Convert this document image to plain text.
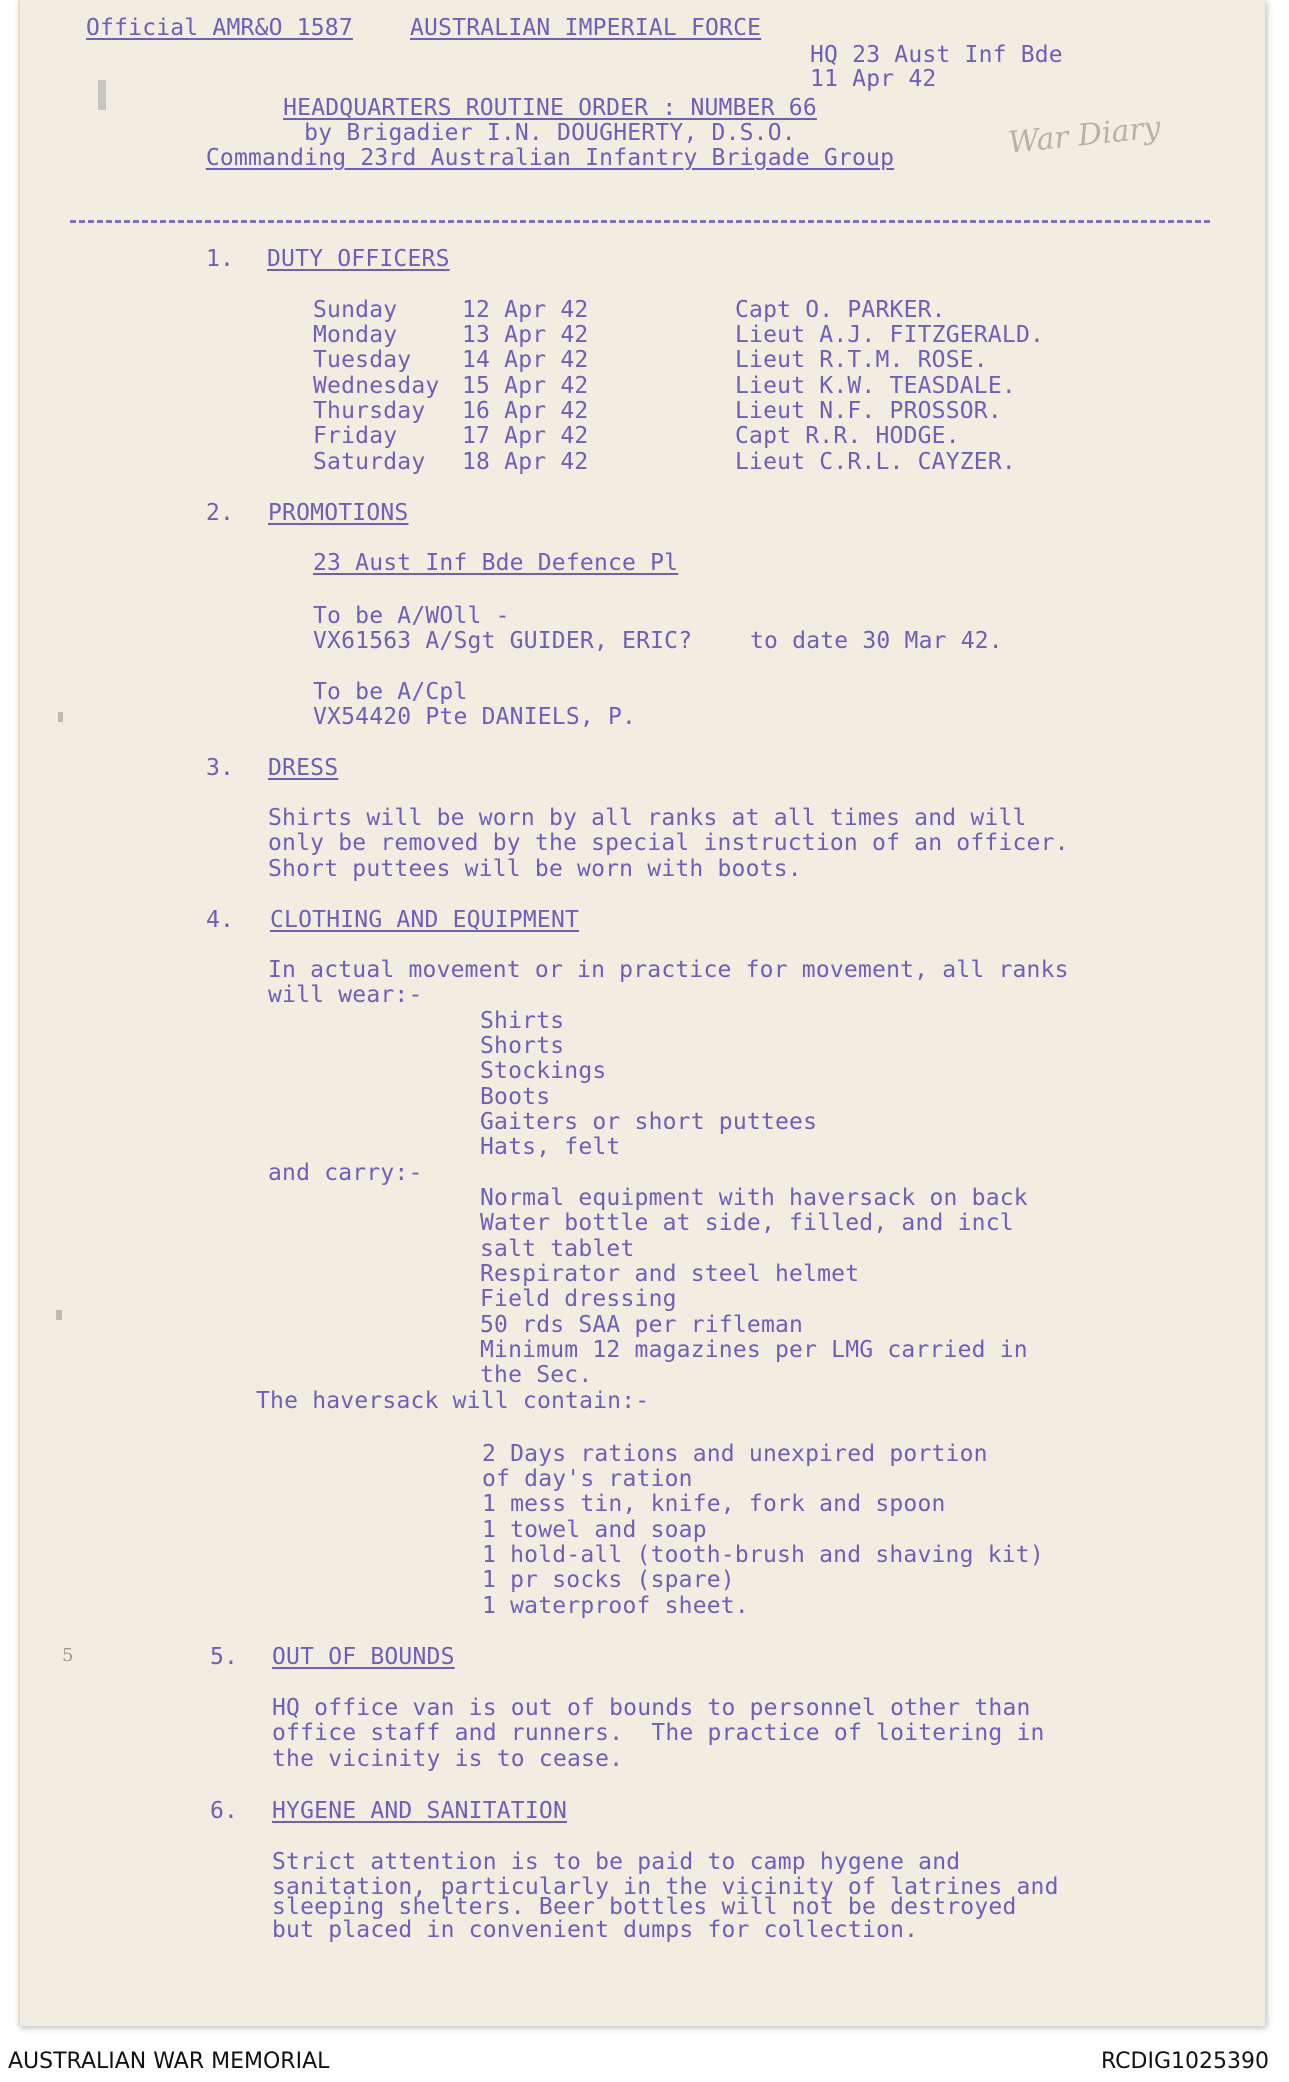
Official AMR&O 1587 AUSTRALIAN IMPERIAL FORCE
HQ 23 Aust Inf Bde
11 Apr 42
War Diary
HEADQUARTERS ROUTINE ORDER : NUMBER 66
by Brigadier I.N. DOUGHERTY, D.S.O.
Commanding 23rd Australian Infantry Brigade Group
1. DUTY OFFICERS
Sunday	12 Apr 42	Capt O. PARKER.
Monday	13 Apr 42	Lieut A.J. FITZGERALD.
Tuesday 14 Apr 42	Lieut R.T.M. ROSE.
Wednesday 15 Apr 42	Lieut K.W. TEASDALE.
Thursday 16 Apr 42	Lieut N.F. PROSSOR.
Friday	17 Apr 42	Capt R.R. HODGE.
Saturday 18 Apr 42	Lieut C.R.L. CAYZER.
2. PROMOTIONS
23 Aust Inf Bde Defence Pl
To be A/WOll -
VX61563 A/Sgt GUIDER, ERIC?	to date 30 Mar 42.
To be A/Cpl
VX54420 Pte DANIELS, P.
3. DRESS
Shirts will be worn by all ranks at all times and will
only be removed by the special instruction of an officer.
Short puttees will be worn with boots.
4. CLOTHING AND EQUIPMENT
In actual movement or in practice for movement, all ranks
will wear:-
Shirts
Shorts
Stockings
Boots
Gaiters or short puttees
Hats, felt
and carry:-
Normal equipment with haversack on back
Water bottle at side, filled, and incl
salt tablet
Respirator and steel helmet
Field dressing
50 rds SAA per rifleman
Minimum 12 magazines per LMG carried in
the Sec.
The haversack will contain:-
2 Days rations and unexpired portion
of day's ration
1 mess tin, knife, fork and spoon
1 towel and soap
1 hold-all (tooth-brush and shaving kit)
1 pr socks (spare)
1 waterproof sheet.
5	5. OUT OF BOUNDS
HQ office van is out of bounds to personnel other than
office staff and runners.  The practice of loitering in
the vicinity is to cease.
6. HYGENE AND SANITATION
Strict attention is to be paid to camp hygene and
sanitation, particularly in the vicinity of latrines and
sleeping shelters. Beer bottles will not be destroyed
but placed in convenient dumps for collection.
AUSTRALIAN WAR MEMORIAL	RCDIG1025390
